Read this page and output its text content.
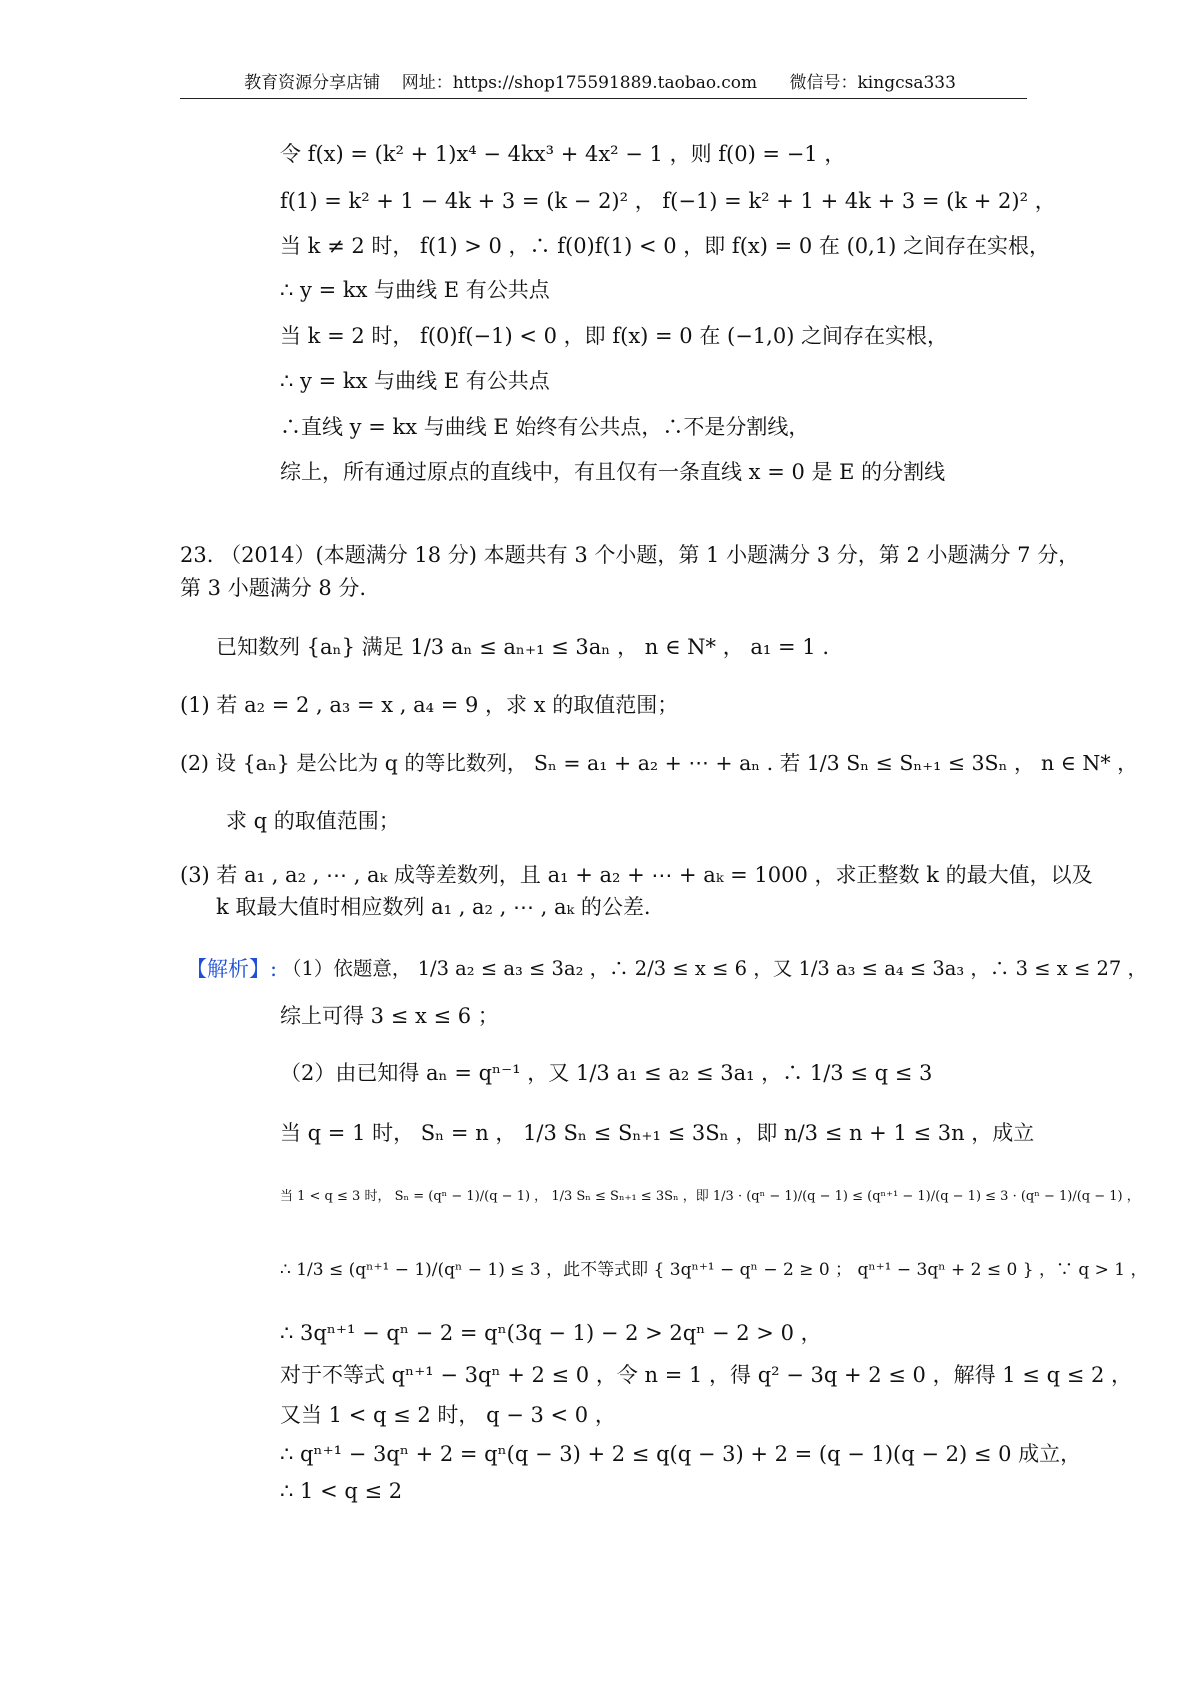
教育资源分享店铺    网址：https://shop175591889.taobao.com      微信号：kingcsa333
令 f(x) = (k² + 1)x⁴ − 4kx³ + 4x² − 1 ，则 f(0) = −1 ，
f(1) = k² + 1 − 4k + 3 = (k − 2)² ， f(−1) = k² + 1 + 4k + 3 = (k + 2)² ，
当 k ≠ 2 时， f(1) > 0 ，∴ f(0)f(1) < 0 ，即 f(x) = 0 在 (0,1) 之间存在实根，
∴ y = kx 与曲线 E 有公共点
当 k = 2 时， f(0)f(−1) < 0 ，即 f(x) = 0 在 (−1,0) 之间存在实根，
∴ y = kx 与曲线 E 有公共点
∴直线 y = kx 与曲线 E 始终有公共点，∴不是分割线，
综上，所有通过原点的直线中，有且仅有一条直线 x = 0 是 E 的分割线
23. （2014）(本题满分 18 分) 本题共有 3 个小题，第 1 小题满分 3 分，第 2 小题满分 7 分，
第 3 小题满分 8 分.
已知数列 {aₙ} 满足 1/3 aₙ ≤ aₙ₊₁ ≤ 3aₙ ， n ∈ N* ， a₁ = 1 .
(1) 若 a₂ = 2 , a₃ = x , a₄ = 9 ，求 x 的取值范围；
(2) 设 {aₙ} 是公比为 q 的等比数列， Sₙ = a₁ + a₂ + ⋯ + aₙ . 若 1/3 Sₙ ≤ Sₙ₊₁ ≤ 3Sₙ ， n ∈ N* ，
求 q 的取值范围；
(3) 若 a₁ , a₂ , ⋯ , aₖ 成等差数列，且 a₁ + a₂ + ⋯ + aₖ = 1000 ，求正整数 k 的最大值，以及
k 取最大值时相应数列 a₁ , a₂ , ⋯ , aₖ 的公差.
【解析】: （1）依题意， 1/3 a₂ ≤ a₃ ≤ 3a₂ ，∴ 2/3 ≤ x ≤ 6 ，又 1/3 a₃ ≤ a₄ ≤ 3a₃ ，∴ 3 ≤ x ≤ 27 ，
综上可得 3 ≤ x ≤ 6 ；
（2）由已知得 aₙ = qⁿ⁻¹ ，又 1/3 a₁ ≤ a₂ ≤ 3a₁ ，∴ 1/3 ≤ q ≤ 3
当 q = 1 时， Sₙ = n ， 1/3 Sₙ ≤ Sₙ₊₁ ≤ 3Sₙ ，即 n/3 ≤ n + 1 ≤ 3n ，成立
当 1 < q ≤ 3 时， Sₙ = (qⁿ − 1)/(q − 1) ， 1/3 Sₙ ≤ Sₙ₊₁ ≤ 3Sₙ ，即 1/3 · (qⁿ − 1)/(q − 1) ≤ (qⁿ⁺¹ − 1)/(q − 1) ≤ 3 · (qⁿ − 1)/(q − 1) ，
∴ 1/3 ≤ (qⁿ⁺¹ − 1)/(qⁿ − 1) ≤ 3 ，此不等式即 { 3qⁿ⁺¹ − qⁿ − 2 ≥ 0 ； qⁿ⁺¹ − 3qⁿ + 2 ≤ 0 } ，∵ q > 1 ，
∴ 3qⁿ⁺¹ − qⁿ − 2 = qⁿ(3q − 1) − 2 > 2qⁿ − 2 > 0 ，
对于不等式 qⁿ⁺¹ − 3qⁿ + 2 ≤ 0 ，令 n = 1 ，得 q² − 3q + 2 ≤ 0 ，解得 1 ≤ q ≤ 2 ，
又当 1 < q ≤ 2 时， q − 3 < 0 ，
∴ qⁿ⁺¹ − 3qⁿ + 2 = qⁿ(q − 3) + 2 ≤ q(q − 3) + 2 = (q − 1)(q − 2) ≤ 0 成立，
∴ 1 < q ≤ 2
